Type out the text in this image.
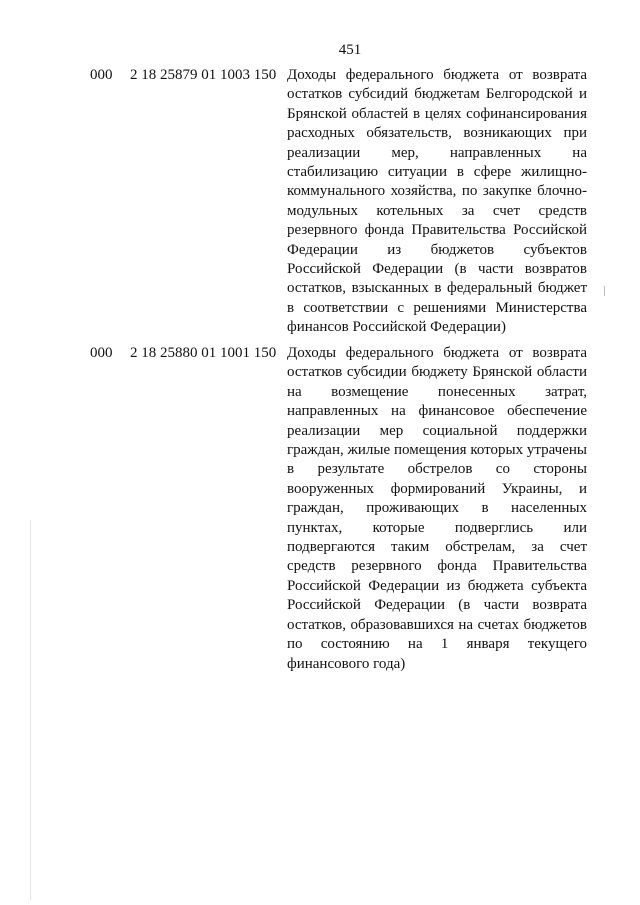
451
000 2 18 25879 01 1003 150 Доходы федерального бюджета от возврата остатков субсидий бюджетам Белгородской и Брянской областей в целях софинансирования расходных обязательств, возникающих при реализации мер, направленных на стабилизацию ситуации в сфере жилищно-коммунального хозяйства, по закупке блочно-модульных котельных за счет средств резервного фонда Правительства Российской Федерации из бюджетов субъектов Российской Федерации (в части возвратов остатков, взысканных в федеральный бюджет в соответствии с решениями Министерства финансов Российской Федерации)
000 2 18 25880 01 1001 150 Доходы федерального бюджета от возврата остатков субсидии бюджету Брянской области на возмещение понесенных затрат, направленных на финансовое обеспечение реализации мер социальной поддержки граждан, жилые помещения которых утрачены в результате обстрелов со стороны вооруженных формирований Украины, и граждан, проживающих в населенных пунктах, которые подверглись или подвергаются таким обстрелам, за счет средств резервного фонда Правительства Российской Федерации из бюджета субъекта Российской Федерации (в части возврата остатков, образовавшихся на счетах бюджетов по состоянию на 1 января текущего финансового года)
